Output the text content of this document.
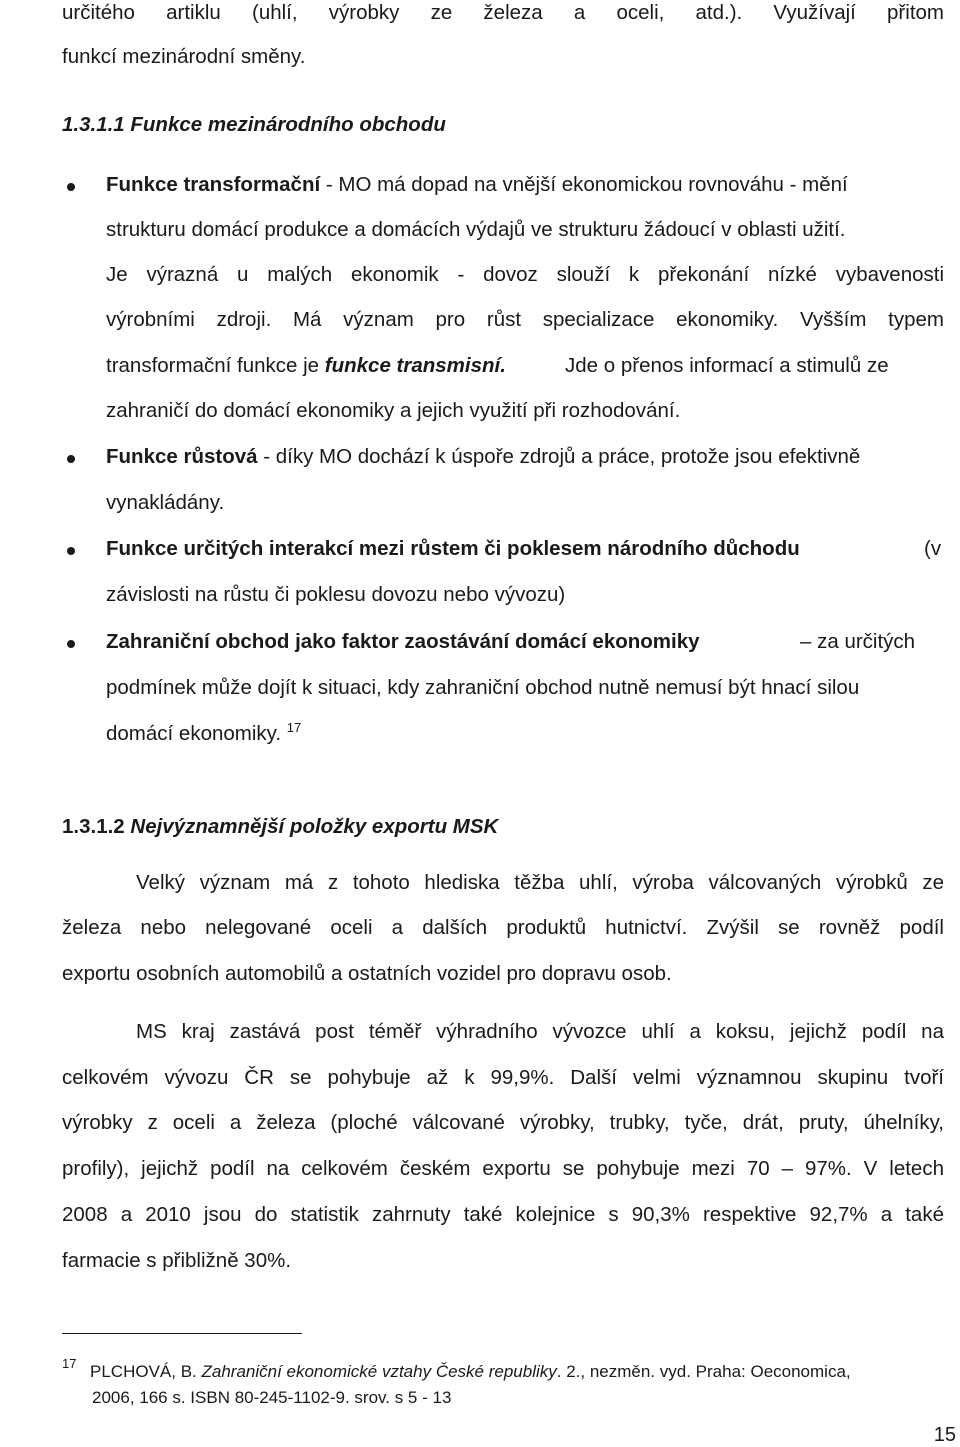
určitého artiklu (uhlí, výrobky ze železa a oceli, atd.). Využívají přitom
funkcí mezinárodní směny.
1.3.1.1 Funkce mezinárodního obchodu
Funkce transformační - MO má dopad na vnější ekonomickou rovnováhu - mění
strukturu domácí produkce a domácích výdajů ve strukturu žádoucí v oblasti užití.
Je výrazná u malých ekonomik - dovoz slouží k překonání nízké vybavenosti
výrobními zdroji. Má význam pro růst specializace ekonomiky. Vyšším typem
transformační funkce je funkce transmisní.	Jde o přenos informací a stimulů ze
zahraničí do domácí ekonomiky a jejich využití při rozhodování.
Funkce růstová - díky MO dochází k úspoře zdrojů a práce, protože jsou efektivně
vynakládány.
Funkce určitých interakcí mezi růstem či poklesem národního důchodu	(v
závislosti na růstu či poklesu dovozu nebo vývozu)
Zahraniční obchod jako faktor zaostávání domácí ekonomiky	– za určitých
podmínek může dojít k situaci, kdy zahraniční obchod nutně nemusí být hnací silou
domácí ekonomiky. $^{17}$
1.3.1.2 Nejvýznamnější položky exportu MSK
Velký význam má z tohoto hlediska těžba uhlí, výroba válcovaných výrobků ze
železa nebo nelegované oceli a dalších produktů hutnictví. Zvýšil se rovněž podíl
exportu osobních automobilů a ostatních vozidel pro dopravu osob.
MS kraj zastává post téměř výhradního vývozce uhlí a koksu, jejichž podíl na
celkovém vývozu ČR se pohybuje až k 99,9%. Další velmi významnou skupinu tvoří
výrobky z oceli a železa (ploché válcované výrobky, trubky, tyče, drát, pruty, úhelníky,
profily), jejichž podíl na celkovém českém exportu se pohybuje mezi 70 – 97%. V letech
2008 a 2010 jsou do statistik zahrnuty také kolejnice s 90,3% respektive 92,7% a také
farmacie s přibližně 30%.
17 PLCHOVÁ, B. Zahraniční ekonomické vztahy České republiky. 2., nezměn. vyd. Praha: Oeconomica,
2006, 166 s. ISBN 80-245-1102-9. srov. s 5 - 13
15
